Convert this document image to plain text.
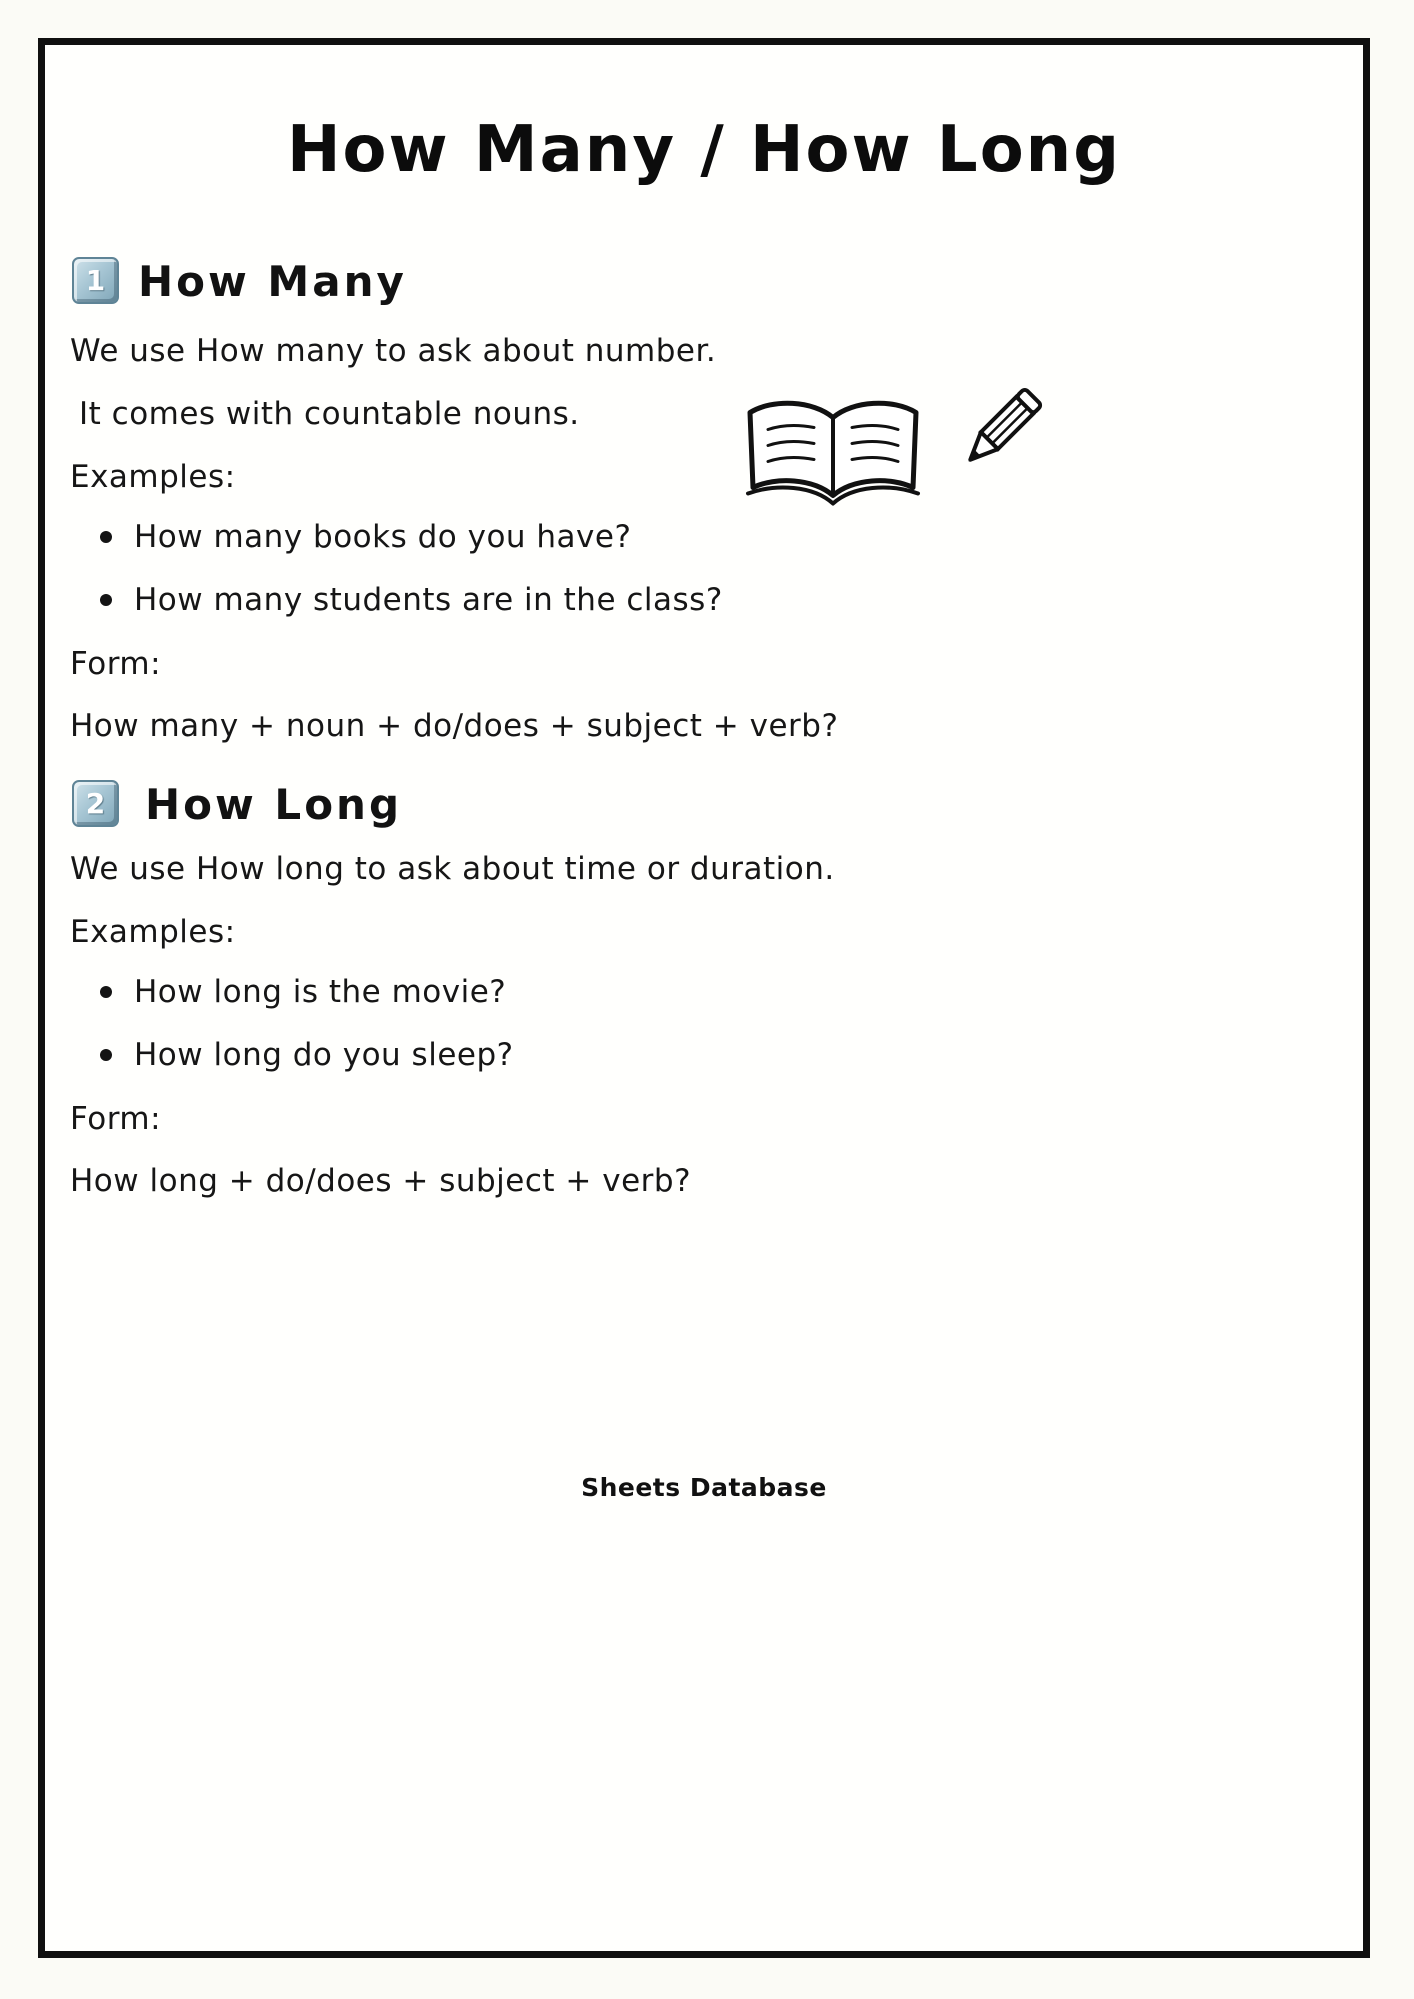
How Many / How Long
1 How Many

We use How many to ask about number.

It comes with countable nouns.

Examples:

How many books do you have?
How many students are in the class?

Form:

How many + noun + do/does + subject + verb?

2 How Long

We use How long to ask about time or duration.

Examples:

How long is the movie?
How long do you sleep?

Form:

How long + do/does + subject + verb?

Sheets Database
